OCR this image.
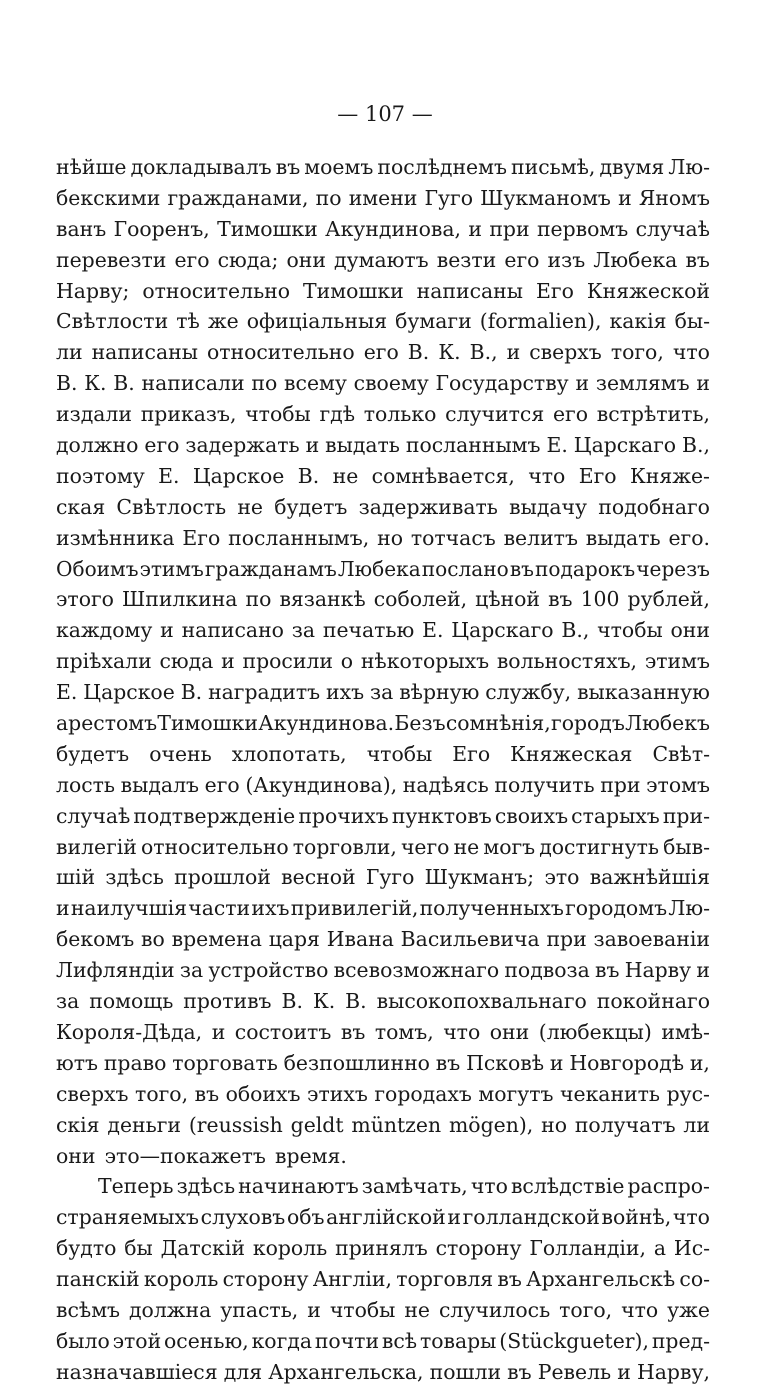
— 107 —
нѣйше докладывалъ въ моемъ послѣднемъ письмѣ, двумя Лю-
бекскими гражданами, по имени Гуго Шукманомъ и Яномъ
ванъ Гоoренъ, Тимошки Акундинова, и при первомъ случаѣ
перевезти его сюда; они думаютъ везти его изъ Любека въ
Нарву; относительно Тимошки написаны Его Княжеской
Свѣтлости тѣ же офиціальныя бумаги (formalien), какія бы-
ли написаны относительно его В. К. В., и сверхъ того, что
В. К. В. написали по всему своему Государству и землямъ и
издали приказъ, чтобы гдѣ только случится его встрѣтить,
должно его задержать и выдать посланнымъ Е. Царскаго В.,
поэтому Е. Царское В. не сомнѣвается, что Его Княже-
ская Свѣтлость не будетъ задерживать выдачу подобнаго
измѣнника Его посланнымъ, но тотчасъ велитъ выдать его.
Обоимъ этимъ гражданамъ Любека послано въ подарокъ черезъ
этого Шпилкина по вязанкѣ соболей, цѣной въ 100 рублей,
каждому и написано за печатью Е. Царскаго В., чтобы они
пріѣхали сюда и просили о нѣкоторыхъ вольностяхъ, этимъ
Е. Царское В. наградитъ ихъ за вѣрную службу, выказанную
арестомъ Тимошки Акундинова. Безъ сомнѣнія, городъ Любекъ
будетъ очень хлопотать, чтобы Его Княжеская Свѣт-
лость выдалъ его (Акундинова), надѣясь получить при этомъ
случаѣ подтвержденіе прочихъ пунктовъ своихъ старыхъ при-
вилегій относительно торговли, чего не могъ достигнуть быв-
шій здѣсь прошлой весной Гуго Шукманъ; это важнѣйшія
и наилучшія части ихъ привилегій, полученныхъ городомъ Лю-
бекомъ во времена царя Ивана Васильевича при завоеваніи
Лифляндіи за устройство всевозможнаго подвоза въ Нарву и
за помощь противъ В. К. В. высокопохвальнаго покойнаго
Короля-Дѣда, и состоитъ въ томъ, что они (любекцы) имѣ-
ютъ право торговать безпошлинно въ Псковѣ и Новгородѣ и,
сверхъ того, въ обоихъ этихъ городахъ могутъ чеканить рус-
скія деньги (reussish geldt müntzen mögen), но получатъ ли
они это—покажетъ время.
Теперь здѣсь начинаютъ замѣчать, что вслѣдствіе распро-
страняемыхъ слуховъ объ англійской и голландской войнѣ, что
будто бы Датскій король принялъ сторону Голландіи, а Ис-
панскій король сторону Англіи, торговля въ Архангельскѣ со-
всѣмъ должна упасть, и чтобы не случилось того, что уже
было этой осенью, когда почти всѣ товары (Stückgueter), пред-
назначавшіеся для Архангельска, пошли въ Ревель и Нарву,
